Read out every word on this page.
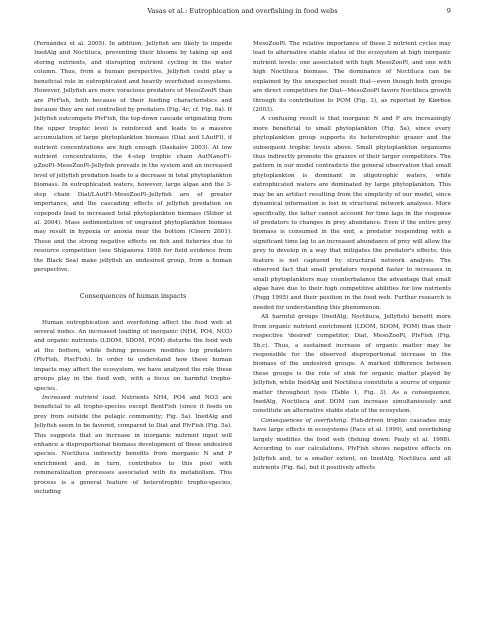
Vasas et al.: Eutrophication and overfishing in food webs	9

(Fernández et al. 2005). In addition, Jellyfish are likely to impede InedAlg and Noctiluca, preventing their blooms by taking up and storing nutrients, and disrupting nutrient cycling in the water column. Thus, from a human perspective, Jellyfish could play a beneficial role in eutrophicated and heavily overfished ecosystems. However, Jellyfish are more voracious predators of MesoZooPl than are PlvFish, both because of their feeding characteristics and because they are not controlled by predators (Fig. 4c; cf. Fig. 6a). If Jellyfish outcompete PlvFish, the top-down cascade originating from the upper trophic level is reinforced and leads to a massive accumulation of large phytoplankton biomass (Diat and LAutFl), if nutrient concentrations are high enough (Daskalov 2003). At low nutrient concentrations, the 4-step trophic chain AutNanoFl–μZooPl–MesoZooPl–Jellyfish prevails in the system and an increased level of jellyfish predation leads to a decrease in total phytoplankton biomass. In eutrophicated waters, however, large algae and the 3-step chain Diat/LAutFl–MesoZooPl–Jellyfish are of greater importance, and the cascading effects of jellyfish predation on copepods lead to increased total phytoplankton biomass (Stibor et al. 2004). Mass sedimentation of ungrazed phytoplankton biomass may result in hypoxia or anoxia near the bottom (Cloern 2001). These and the strong negative effects on fish and fisheries due to resource competition (see Shiganova 1998 for field evidence from the Black Sea) make jellyfish an undesired group, from a human perspective.

Consequences of human impacts

Human eutrophication and overfishing affect the food web at several nodes. An increased loading of inorganic (NH4, PO4, NO3) and organic nutrients (LDOM, SDOM, POM) disturbs the food web at the bottom, while fishing pressure modifies top predators (PlvFish, PiscFish). In order to understand how these human impacts may affect the ecosystem, we have analyzed the role these groups play in the food web, with a focus on harmful tropho-species.

Increased nutrient load. Nutrients NH4, PO4 and NO3 are beneficial to all tropho-species except BentFish (since it feeds on prey from outside the pelagic community; Fig. 5a). InedAlg and Jellyfish seem to be favored, compared to Diat and PlvFish (Fig. 5a). This suggests that an increase in inorganic nutrient input will enhance a disproportional biomass development of these undesired species. Noctiluca indirectly benefits from inorganic N and P enrichment and, in turn, contributes to this pool with remineralization processes associated with its metabolism. This process is a general feature of heterotrophic tropho-species, including

MesoZooPl. The relative importance of these 2 nutrient cycles may lead to alternative stable states of the ecosystem at high inorganic nutrient levels: one associated with high MesoZooPl, and one with high Noctiluca biomass. The dominance of Noctiluca can be explained by the unexpected result that—even though both groups are direct competitors for Diat—MesoZooPl favors Noctiluca growth through its contribution to POM (Fig. 3), as reported by Kiørboe (2003).

A confusing result is that inorganic N and P are increasingly more beneficial to small phytoplankton (Fig. 5a), since every phytoplankton group supports its heterotrophic grazer and the subsequent trophic levels above. Small phytoplankton organisms thus indirectly promote the grazers of their larger competitors. The pattern in our model contradicts the general observation that small phytoplankton is dominant in oligotrophic waters, while eutrophicated waters are dominated by large phytoplankton. This may be an artifact resulting from the simplicity of our model, since dynamical information is lost in structural network analyses. More specifically, the latter cannot account for time lags in the response of predators to changes in prey abundance. Even if the entire prey biomass is consumed in the end, a predator responding with a significant time lag to an increased abundance of prey will allow the prey to develop in a way that mitigates the predator's effects; this feature is not captured by structural network analysis. The observed fact that small predators respond faster to increases in small phytoplankters may counterbalance the advantage that small algae have due to their high competitive abilities for low nutrients (Fogg 1995) and their position in the food web. Further research is needed for understanding this phenomenon.

All harmful groups (InedAlg, Noctiluca, Jellyfish) benefit more from organic nutrient enrichment (LDOM, SDOM, POM) than their respective 'desired' competitor, Diat, MesoZooPl, PlvFish (Fig. 5b,c). Thus, a sustained increase of organic matter may be responsible for the observed disproportional increase in the biomass of the undesired groups. A marked difference between these groups is the role of sink for organic matter played by Jellyfish, while InedAlg and Noctiluca constitute a source of organic matter throughout lysis (Table 1, Fig. 3). As a consequence, InedAlg, Noctiluca and DOM can increase simultaneously and constitute an alternative stable state of the ecosystem.

Consequences of overfishing. Fish-driven trophic cascades may have large effects in ecosystems (Pace et al. 1999), and overfishing largely modifies the food web (fishing down: Pauly et al. 1998). According to our calculations, PlvFish shows negative effects on Jellyfish and, to a smaller extent, on InedAlg, Noctiluca and all nutrients (Fig. 6a), but it positively affects
